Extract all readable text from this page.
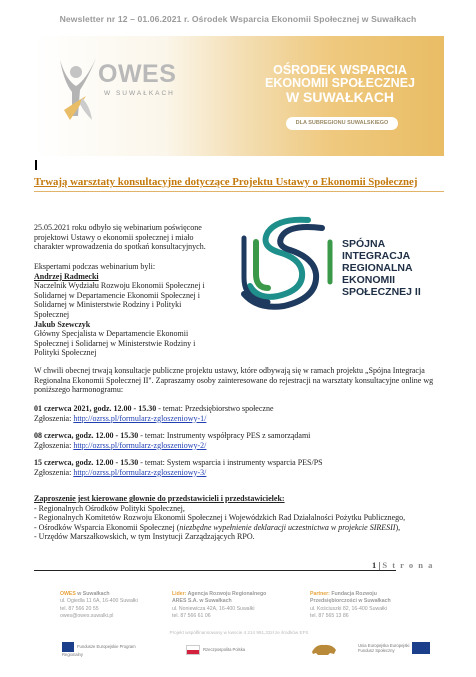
Newsletter nr 12 – 01.06.2021 r. Ośrodek Wsparcia Ekonomii Społecznej w Suwałkach
OWES
W SUWAŁKACH
OŚRODEK WSPARCIA
EKONOMII SPOŁECZNEJ
W SUWAŁKACH
DLA SUBREGIONU SUWALSKIEGO
Trwają warsztaty konsultacyjne dotyczące Projektu Ustawy o Ekonomii Społecznej
25.05.2021 roku odbyło się webinarium poświęcone projektowi Ustawy o ekonomii społecznej i miało charakter wprowadzenia do spotkań konsultacyjnych.
Ekspertami podczas webinarium byli:
Andrzej Radmecki
Naczelnik Wydziału Rozwoju Ekonomii Społecznej i Solidarnej w Departamencie Ekonomii Społecznej i Solidarnej w Ministerstwie Rodziny i Polityki Społecznej
Jakub Szewczyk
Główny Specjalista w Departamencie Ekonomii Społecznej i Solidarnej w Ministerstwie Rodziny i Polityki Społecznej
SPÓJNA
INTEGRACJA
REGIONALNA
EKONOMII
SPOŁECZNEJ II
W chwili obecnej trwają konsultacje publiczne projektu ustawy, które odbywają się w ramach projektu „Spójna Integracja Regionalna Ekonomii Społecznej II". Zapraszamy osoby zainteresowane do rejestracji na warsztaty konsultacyjne online wg poniższego harmonogramu:
01 czerwca 2021, godz. 12.00 - 15.30 - temat: Przedsiębiorstwo społeczne
Zgłoszenia: http://ozrss.pl/formularz-zgloszeniowy-1/
08 czerwca, godz. 12.00 - 15.30 - temat: Instrumenty współpracy PES z samorządami
Zgłoszenia: http://ozrss.pl/formularz-zgloszeniowy-2/
15 czerwca, godz. 12.00 - 15.30 - temat: System wsparcia i instrumenty wsparcia PES/PS
Zgłoszenia: http://ozrss.pl/formularz-zgloszeniowy-3/
Zaproszenie jest kierowane głownie do przedstawicieli i przedstawicielek:
- Regionalnych Ośrodków Polityki Społecznej,
- Regionalnych Komitetów Rozwoju Ekonomii Społecznej i Wojewódzkich Rad Działalności Pożytku Publicznego,
- Ośrodków Wsparcia Ekonomii Społecznej (niezbędne wypełnienie deklaracji uczestnictwa w projekcie SIRESII),
- Urzędów Marszałkowskich, w tym Instytucji Zarządzających RPO.
1 | S t r o n a
OWES w Suwałkach
ul. Ogiedla 11 6A, 16-400 Suwałki
tel. 87 566 20 55
owes@owes.suwalki.pl
Lider: Agencja Rozwoju Regionalnego
ARES S.A. w Suwałkach
ul. Noniewicza 42A, 16-400 Suwałki
tel. 87 566 61 06
Partner: Fundacja Rozwoju
Przedsiębiorczości w Suwałkach
ul. Kościuszki 82, 16-400 Suwałki
tel. 87 565 13 86
Projekt współfinansowany w kwocie 4 214 991,33zł ze środków EFS
Fundusze Europejskie Program Regionalny
Rzeczpospolita Polska
Unia Europejska Europejski Fundusz Społeczny
